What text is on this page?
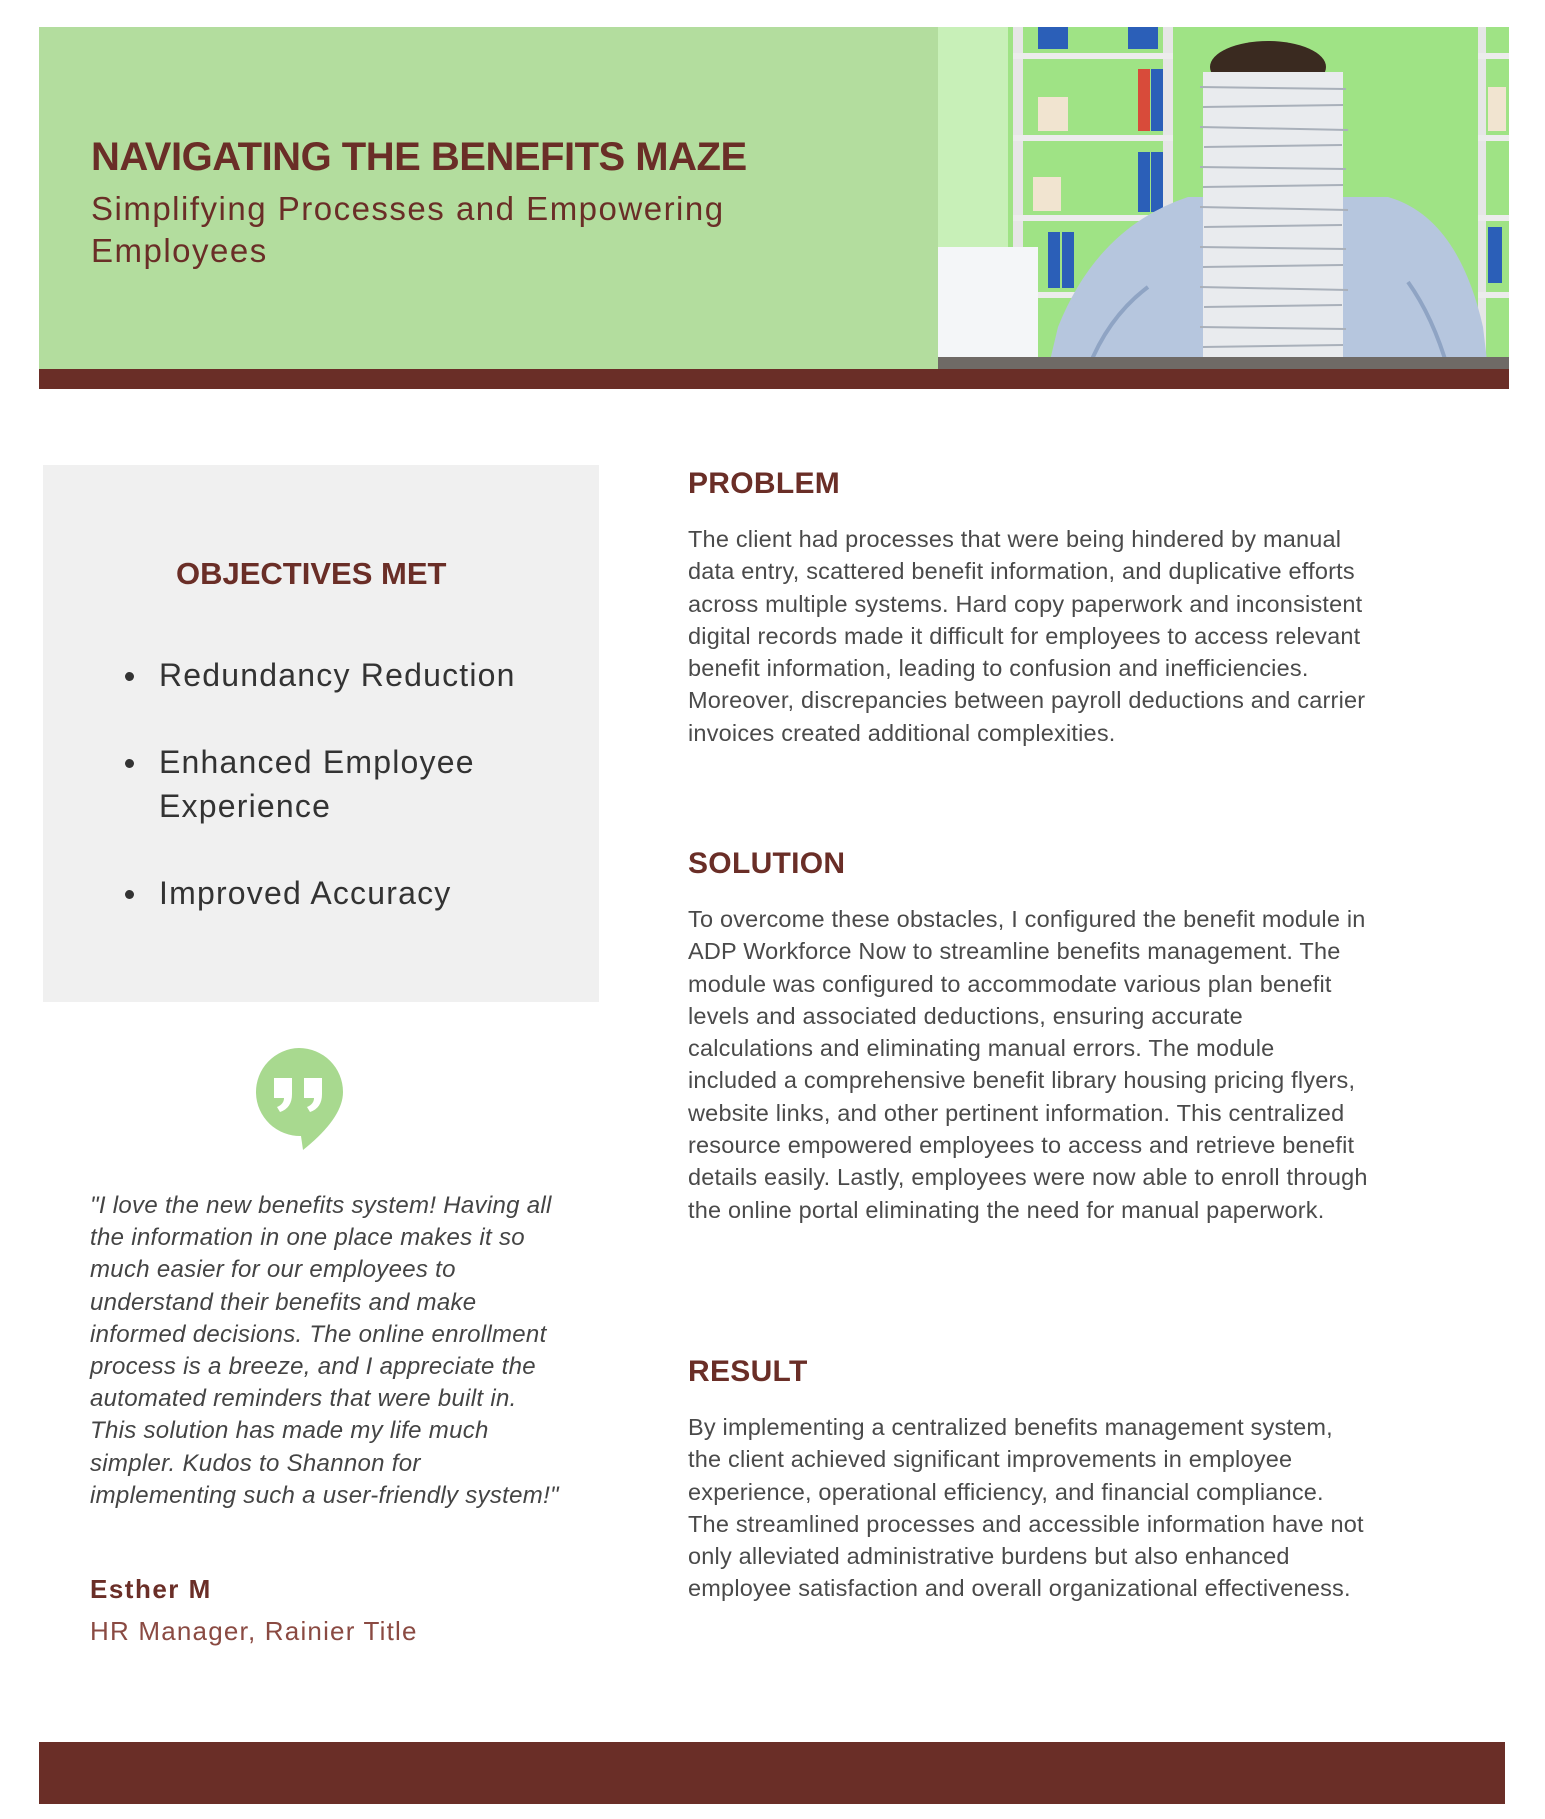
NAVIGATING THE BENEFITS MAZE
Simplifying Processes and Empowering Employees
OBJECTIVES MET
Redundancy Reduction
Enhanced Employee Experience
Improved Accuracy

"I love the new benefits system! Having all the information in one place makes it so much easier for our employees to understand their benefits and make informed decisions. The online enrollment process is a breeze, and I appreciate the automated reminders that were built in. This solution has made my life much simpler. Kudos to Shannon for implementing such a user-friendly system!"

Esther M
HR Manager, Rainier Title
PROBLEM

The client had processes that were being hindered by manual data entry, scattered benefit information, and duplicative efforts across multiple systems. Hard copy paperwork and inconsistent digital records made it difficult for employees to access relevant benefit information, leading to confusion and inefficiencies. Moreover, discrepancies between payroll deductions and carrier invoices created additional complexities.

SOLUTION

To overcome these obstacles, I configured the benefit module in ADP Workforce Now to streamline benefits management. The module was configured to accommodate various plan benefit levels and associated deductions, ensuring accurate calculations and eliminating manual errors. The module included a comprehensive benefit library housing pricing flyers, website links, and other pertinent information. This centralized resource empowered employees to access and retrieve benefit details easily. Lastly, employees were now able to enroll through the online portal eliminating the need for manual paperwork.

RESULT

By implementing a centralized benefits management system, the client achieved significant improvements in employee experience, operational efficiency, and financial compliance. The streamlined processes and accessible information have not only alleviated administrative burdens but also enhanced employee satisfaction and overall organizational effectiveness.
